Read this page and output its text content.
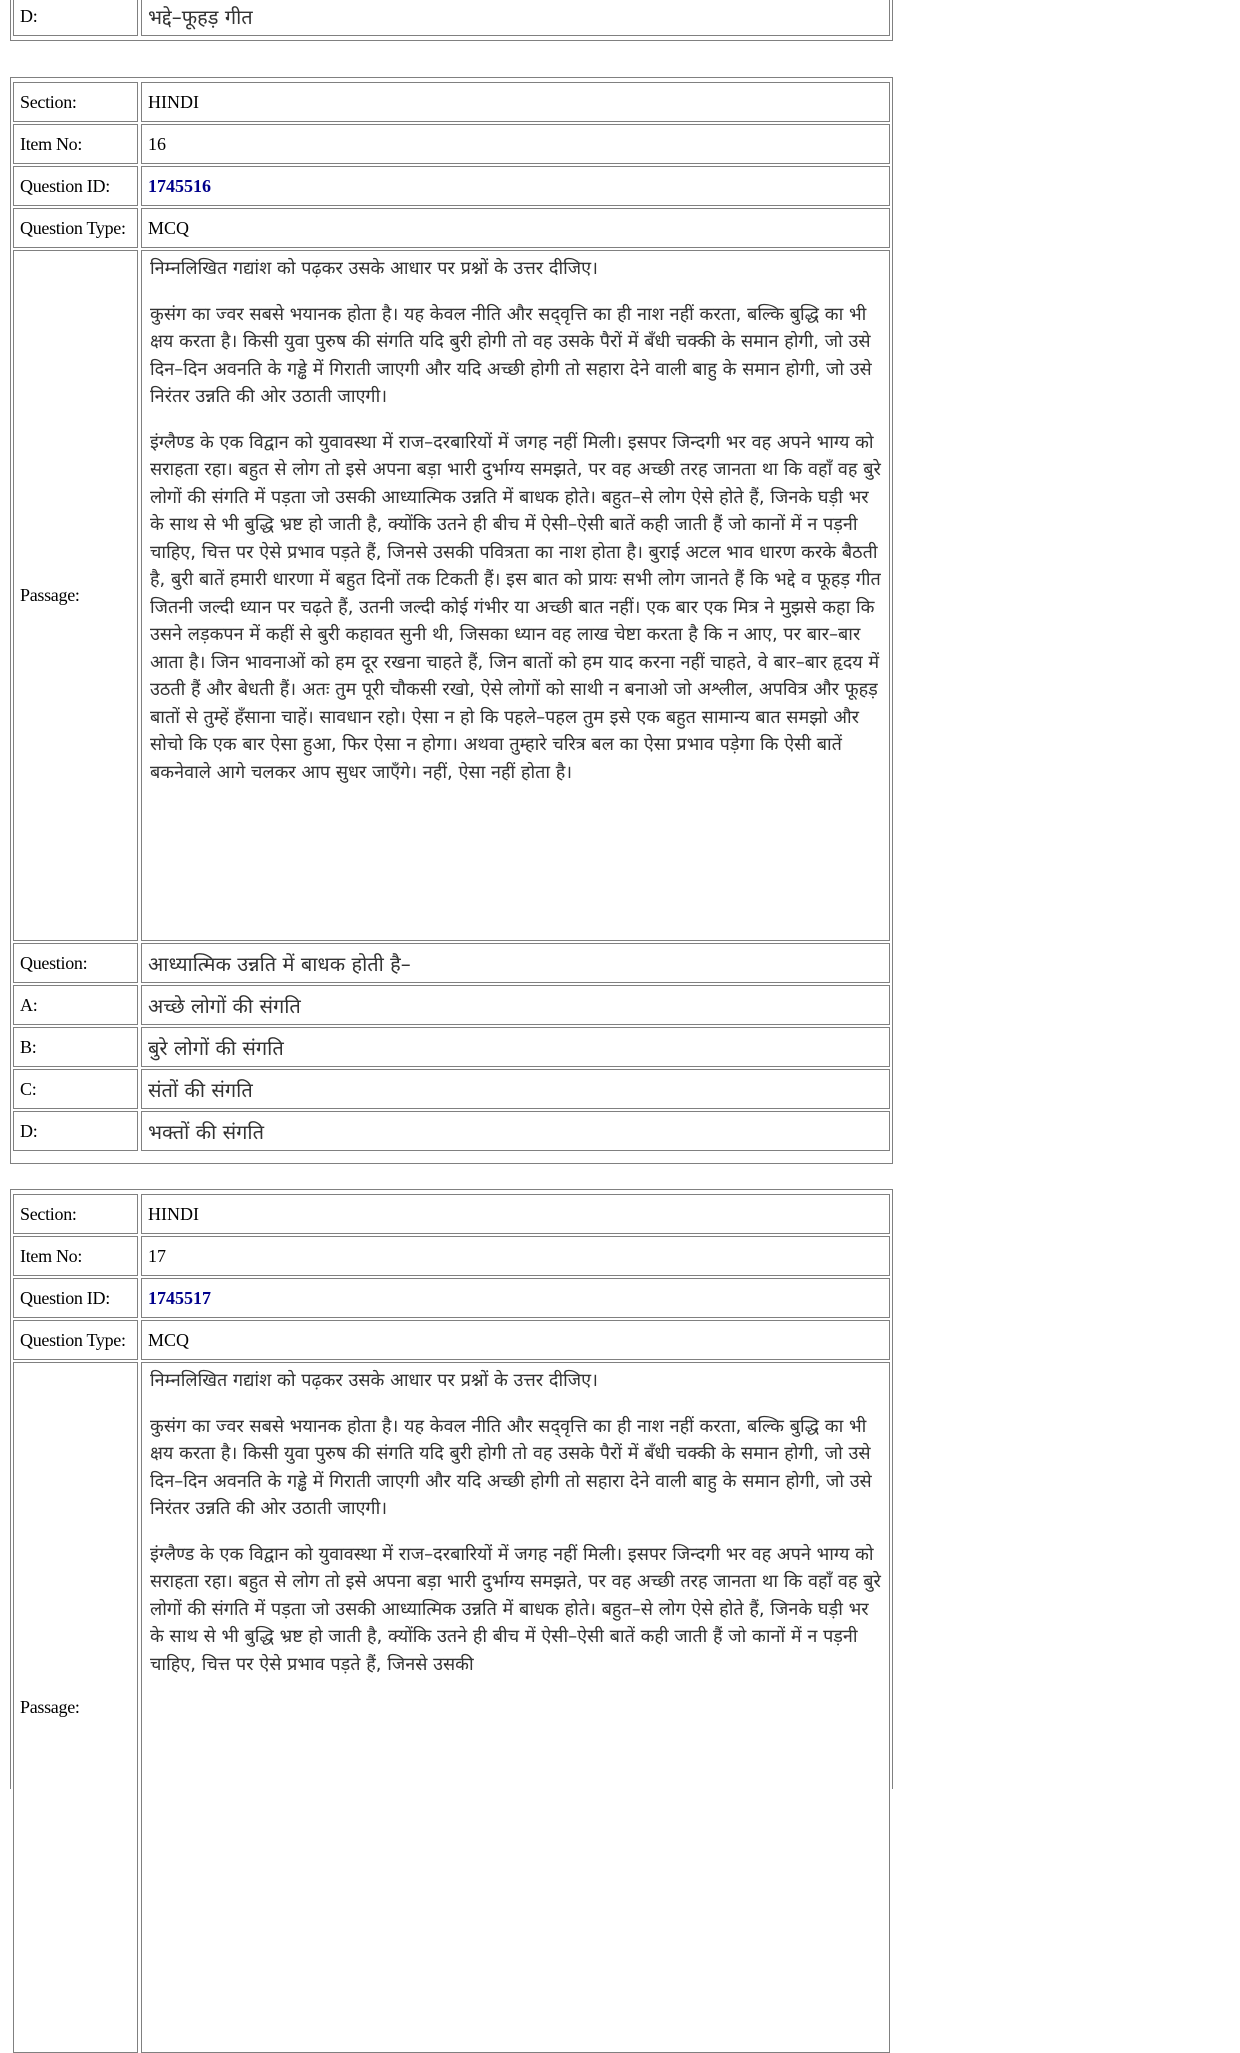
D:	भद्दे–फूहड़ गीत
Section:	HINDI
Item No:	16
Question ID:	1745516
Question Type:	MCQ
Passage:

निम्नलिखित गद्यांश को पढ़कर उसके आधार पर प्रश्नों के उत्तर दीजिए।

कुसंग का ज्वर सबसे भयानक होता है। यह केवल नीति और सद्‌वृत्ति का ही नाश नहीं करता, बल्कि बुद्धि का भी क्षय करता है। किसी युवा पुरुष की संगति यदि बुरी होगी तो वह उसके पैरों में बँधी चक्की के समान होगी, जो उसे दिन–दिन अवनति के गड्ढे में गिराती जाएगी और यदि अच्छी होगी तो सहारा देने वाली बाहु के समान होगी, जो उसे निरंतर उन्नति की ओर उठाती जाएगी।

इंग्लैण्ड के एक विद्वान को युवावस्था में राज–दरबारियों में जगह नहीं मिली। इसपर जिन्दगी भर वह अपने भाग्य को सराहता रहा। बहुत से लोग तो इसे अपना बड़ा भारी दुर्भाग्य समझते, पर वह अच्छी तरह जानता था कि वहाँ वह बुरे लोगों की संगति में पड़ता जो उसकी आध्यात्मिक उन्नति में बाधक होते। बहुत–से लोग ऐसे होते हैं, जिनके घड़ी भर के साथ से भी बुद्धि भ्रष्ट हो जाती है, क्योंकि उतने ही बीच में ऐसी–ऐसी बातें कही जाती हैं जो कानों में न पड़नी चाहिए, चित्त पर ऐसे प्रभाव पड़ते हैं, जिनसे उसकी पवित्रता का नाश होता है। बुराई अटल भाव धारण करके बैठती है, बुरी बातें हमारी धारणा में बहुत दिनों तक टिकती हैं। इस बात को प्रायः सभी लोग जानते हैं कि भद्दे व फूहड़ गीत जितनी जल्दी ध्यान पर चढ़ते हैं, उतनी जल्दी कोई गंभीर या अच्छी बात नहीं। एक बार एक मित्र ने मुझसे कहा कि उसने लड़कपन में कहीं से बुरी कहावत सुनी थी, जिसका ध्यान वह लाख चेष्टा करता है कि न आए, पर बार–बार आता है। जिन भावनाओं को हम दूर रखना चाहते हैं, जिन बातों को हम याद करना नहीं चाहते, वे बार–बार हृदय में उठती हैं और बेधती हैं। अतः तुम पूरी चौकसी रखो, ऐसे लोगों को साथी न बनाओ जो अश्लील, अपवित्र और फूहड़ बातों से तुम्हें हँसाना चाहें। सावधान रहो। ऐसा न हो कि पहले–पहल तुम इसे एक बहुत सामान्य बात समझो और सोचो कि एक बार ऐसा हुआ, फिर ऐसा न होगा। अथवा तुम्हारे चरित्र बल का ऐसा प्रभाव पड़ेगा कि ऐसी बातें बकनेवाले आगे चलकर आप सुधर जाएँगे। नहीं, ऐसा नहीं होता है।

Question:	आध्यात्मिक उन्नति में बाधक होती है–
A:	अच्छे लोगों की संगति
B:	बुरे लोगों की संगति
C:	संतों की संगति
D:	भक्तों की संगति
Section:	HINDI
Item No:	17
Question ID:	1745517
Question Type:	MCQ
Passage:

निम्नलिखित गद्यांश को पढ़कर उसके आधार पर प्रश्नों के उत्तर दीजिए।

कुसंग का ज्वर सबसे भयानक होता है। यह केवल नीति और सद्‌वृत्ति का ही नाश नहीं करता, बल्कि बुद्धि का भी क्षय करता है। किसी युवा पुरुष की संगति यदि बुरी होगी तो वह उसके पैरों में बँधी चक्की के समान होगी, जो उसे दिन–दिन अवनति के गड्ढे में गिराती जाएगी और यदि अच्छी होगी तो सहारा देने वाली बाहु के समान होगी, जो उसे निरंतर उन्नति की ओर उठाती जाएगी।

इंग्लैण्ड के एक विद्वान को युवावस्था में राज–दरबारियों में जगह नहीं मिली। इसपर जिन्दगी भर वह अपने भाग्य को सराहता रहा। बहुत से लोग तो इसे अपना बड़ा भारी दुर्भाग्य समझते, पर वह अच्छी तरह जानता था कि वहाँ वह बुरे लोगों की संगति में पड़ता जो उसकी आध्यात्मिक उन्नति में बाधक होते। बहुत–से लोग ऐसे होते हैं, जिनके घड़ी भर के साथ से भी बुद्धि भ्रष्ट हो जाती है, क्योंकि उतने ही बीच में ऐसी–ऐसी बातें कही जाती हैं जो कानों में न पड़नी चाहिए, चित्त पर ऐसे प्रभाव पड़ते हैं, जिनसे उसकी
